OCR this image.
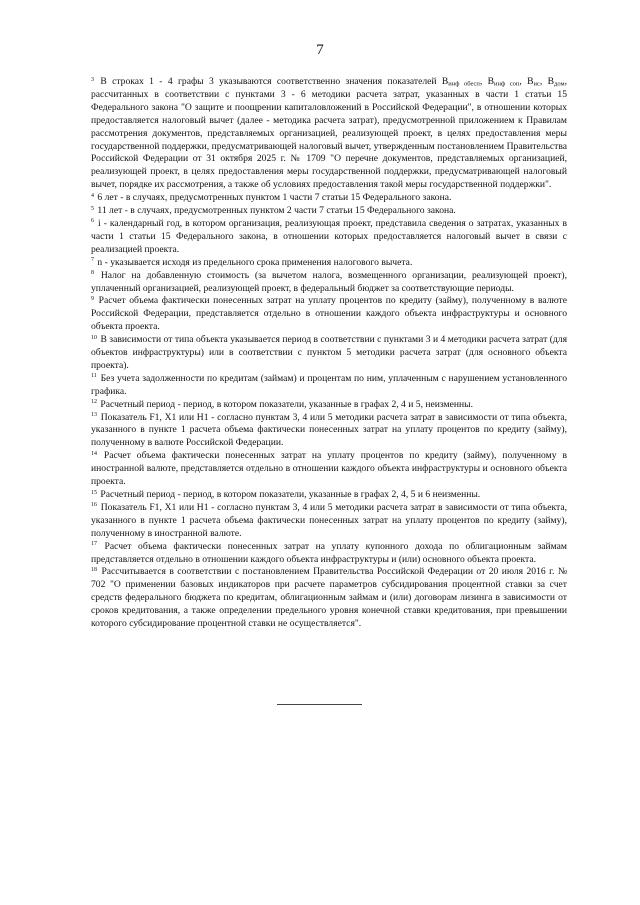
7

$^3$ В строках 1 - 4 графы 3 указываются соответственно значения показателей $В_{инф обесп}$, $В_{инф соп}$, $В_{ис}$, $В_{дом}$, рассчитанных в соответствии с пунктами 3 - 6 методики расчета затрат, указанных в части 1 статьи 15 Федерального закона "О защите и поощрении капиталовложений в Российской Федерации", в отношении которых предоставляется налоговый вычет (далее - методика расчета затрат), предусмотренной приложением к Правилам рассмотрения документов, представляемых организацией, реализующей проект, в целях предоставления меры государственной поддержки, предусматривающей налоговый вычет, утвержденным постановлением Правительства Российской Федерации от 31 октября 2025 г. № 1709 "О перечне документов, представляемых организацией, реализующей проект, в целях предоставления меры государственной поддержки, предусматривающей налоговый вычет, порядке их рассмотрения, а также об условиях предоставления такой меры государственной поддержки".

$^4$ 6 лет - в случаях, предусмотренных пунктом 1 части 7 статьи 15 Федерального закона.

$^5$ 11 лет - в случаях, предусмотренных пунктом 2 части 7 статьи 15 Федерального закона.

$^6$ i - календарный год, в котором организация, реализующая проект, представила сведения о затратах, указанных в части 1 статьи 15 Федерального закона, в отношении которых предоставляется налоговый вычет в связи с реализацией проекта.

$^7$ n - указывается исходя из предельного срока применения налогового вычета.

$^8$ Налог на добавленную стоимость (за вычетом налога, возмещенного организации, реализующей проект), уплаченный организацией, реализующей проект, в федеральный бюджет за соответствующие периоды.

$^9$ Расчет объема фактически понесенных затрат на уплату процентов по кредиту (займу), полученному в валюте Российской Федерации, представляется отдельно в отношении каждого объекта инфраструктуры и основного объекта проекта.

$^{10}$ В зависимости от типа объекта указывается период в соответствии с пунктами 3 и 4 методики расчета затрат (для объектов инфраструктуры) или в соответствии с пунктом 5 методики расчета затрат (для основного объекта проекта).

$^{11}$ Без учета задолженности по кредитам (займам) и процентам по ним, уплаченным с нарушением установленного графика.

$^{12}$ Расчетный период - период, в котором показатели, указанные в графах 2, 4 и 5, неизменны.

$^{13}$ Показатель F1, X1 или H1 - согласно пунктам 3, 4 или 5 методики расчета затрат в зависимости от типа объекта, указанного в пункте 1 расчета объема фактически понесенных затрат на уплату процентов по кредиту (займу), полученному в валюте Российской Федерации.

$^{14}$ Расчет объема фактически понесенных затрат на уплату процентов по кредиту (займу), полученному в иностранной валюте, представляется отдельно в отношении каждого объекта инфраструктуры и основного объекта проекта.

$^{15}$ Расчетный период - период, в котором показатели, указанные в графах 2, 4, 5 и 6 неизменны.

$^{16}$ Показатель F1, X1 или H1 - согласно пунктам 3, 4 или 5 методики расчета затрат в зависимости от типа объекта, указанного в пункте 1 расчета объема фактически понесенных затрат на уплату процентов по кредиту (займу), полученному в иностранной валюте.

$^{17}$ Расчет объема фактически понесенных затрат на уплату купонного дохода по облигационным займам представляется отдельно в отношении каждого объекта инфраструктуры и (или) основного объекта проекта.

$^{18}$ Рассчитывается в соответствии с постановлением Правительства Российской Федерации от 20 июля 2016 г. № 702 "О применении базовых индикаторов при расчете параметров субсидирования процентной ставки за счет средств федерального бюджета по кредитам, облигационным займам и (или) договорам лизинга в зависимости от сроков кредитования, а также определении предельного уровня конечной ставки кредитования, при превышении которого субсидирование процентной ставки не осуществляется".
